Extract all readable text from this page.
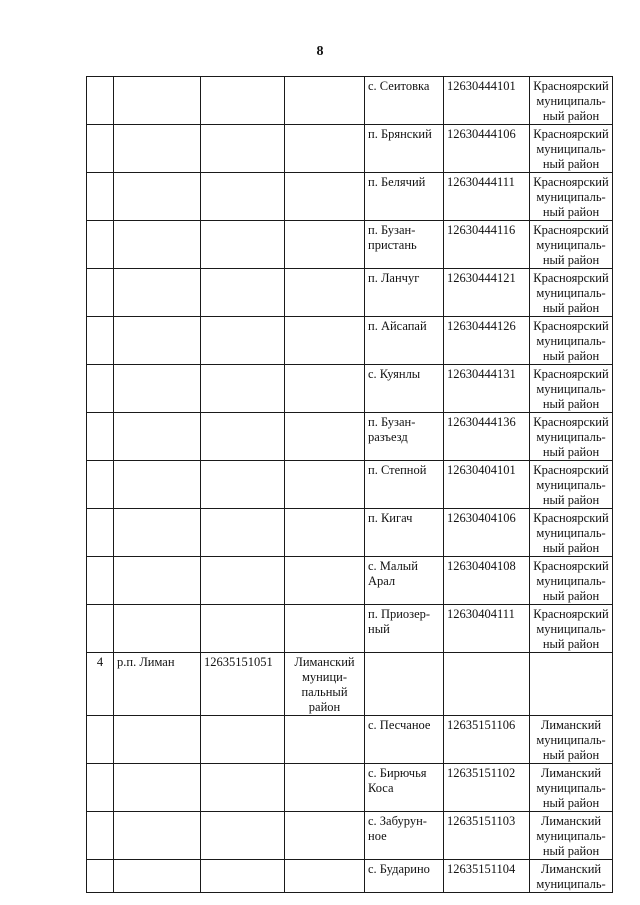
8
				с. Сеитовка	12630444101	Красноярский
муниципаль-
ный район
				п. Брянский	12630444106	Красноярский
муниципаль-
ный район
				п. Белячий	12630444111	Красноярский
муниципаль-
ный район
				п. Бузан-
пристань	12630444116	Красноярский
муниципаль-
ный район
				п. Ланчуг	12630444121	Красноярский
муниципаль-
ный район
				п. Айсапай	12630444126	Красноярский
муниципаль-
ный район
				с. Куянлы	12630444131	Красноярский
муниципаль-
ный район
				п. Бузан-
разъезд	12630444136	Красноярский
муниципаль-
ный район
				п. Степной	12630404101	Красноярский
муниципаль-
ный район
				п. Кигач	12630404106	Красноярский
муниципаль-
ный район
				с. Малый
Арал	12630404108	Красноярский
муниципаль-
ный район
				п. Приозер-
ный	12630404111	Красноярский
муниципаль-
ный район
4	р.п. Лиман	12635151051	Лиманский
муници-
пальный
район			
				с. Песчаное	12635151106	Лиманский
муниципаль-
ный район
				с. Бирючья
Коса	12635151102	Лиманский
муниципаль-
ный район
				с. Забурун-
ное	12635151103	Лиманский
муниципаль-
ный район
				с. Бударино	12635151104	Лиманский
муниципаль-
